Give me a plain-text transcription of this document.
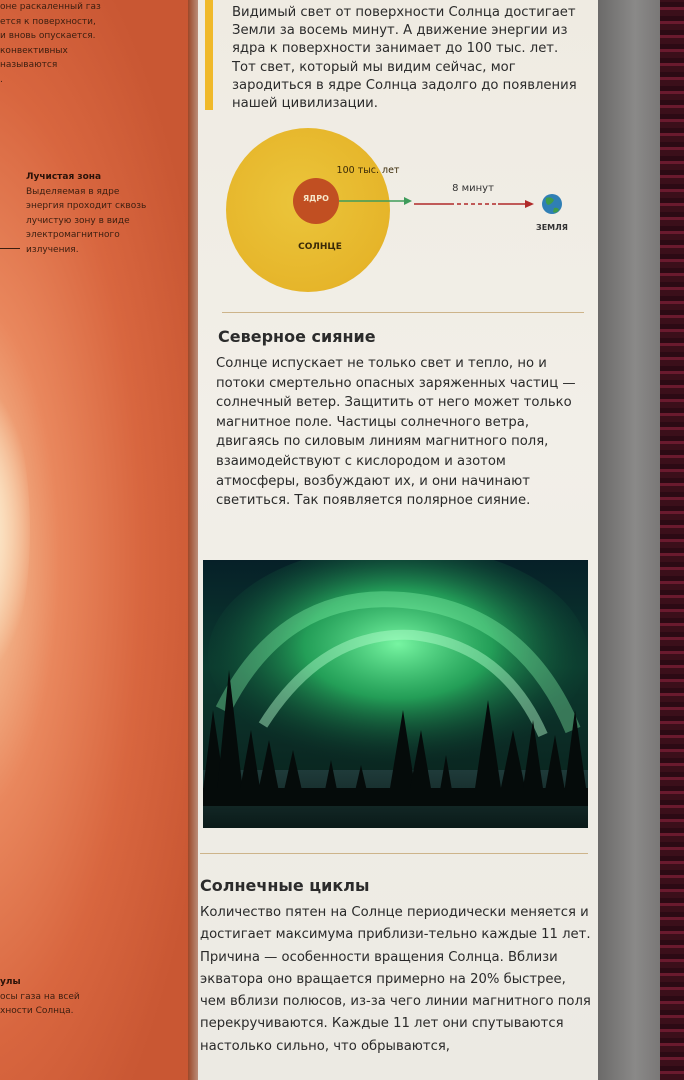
оне раскаленный газ
ется к поверхности,
и вновь опускается.
конвективных
называются
.
Лучистая зона
Выделяемая в ядре
энергия проходит сквозь
лучистую зону в виде
электромагнитного
излучения.
улы
осы газа на всей
хности Солнца.
Видимый свет от поверхности Солнца достигает Земли за восемь минут. А движение энергии из ядра к поверхности занимает до 100 тыс. лет. Тот свет, который мы видим сейчас, мог зародиться в ядре Солнца задолго до появления нашей цивилизации.
ЯДРО
СОЛНЦЕ
100 тыс. лет
8 минут
ЗЕМЛЯ
Северное сияние
Солнце испускает не только свет и тепло, но и потоки смертельно опасных заряженных частиц — солнечный ветер. Защитить от него может только магнитное поле. Частицы солнечного ветра, двигаясь по силовым линиям магнитного поля, взаимодействуют с кислородом и азотом атмосферы, возбуждают их, и они начинают светиться. Так появляется полярное сияние.
Солнечные циклы
Количество пятен на Солнце периодически меняется и достигает максимума приблизи-тельно каждые 11 лет. Причина — особенности вращения Солнца. Вблизи экватора оно вращается примерно на 20% быстрее, чем вблизи полюсов, из-за чего линии магнитного поля перекручиваются. Каждые 11 лет они спутываются настолько сильно, что обрываются,
